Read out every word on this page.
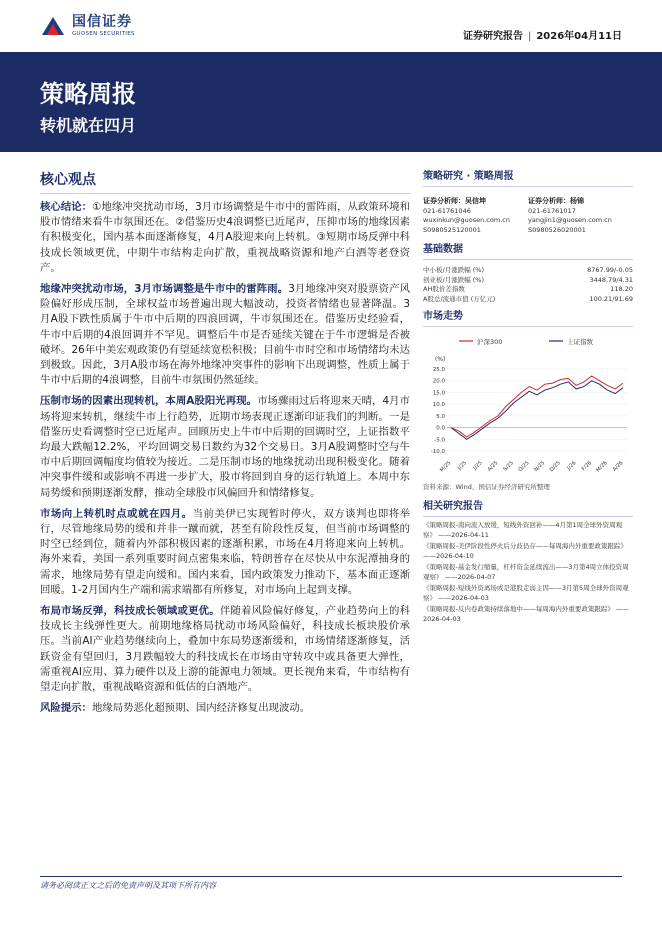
国信证券
GUOSEN SECURITIES	证券研究报告 | 2026年04月11日
策略周报
转机就在四月
核心观点

核心结论：①地缘冲突扰动市场，3月市场调整是牛市中的雷阵雨，从政策环境和股市情绪来看牛市氛围还在。②借鉴历史4浪调整已近尾声，压抑市场的地缘因素有积极变化，国内基本面逐渐修复，4月A股迎来向上转机。③短期市场反弹中科技成长领域更优，中期牛市结构走向扩散，重视战略资源和地产白酒等老登资产。

地缘冲突扰动市场，3月市场调整是牛市中的雷阵雨。3月地缘冲突对股票资产风险偏好形成压制，全球权益市场普遍出现大幅波动，投资者情绪也显著降温。3月A股下跌性质属于牛市中后期的四浪回调，牛市氛围还在。借鉴历史经验看，牛市中后期的4浪回调并不罕见。调整后牛市是否延续关键在于牛市逻辑是否被破坏。26年中美宏观政策仍有望延续宽松积极；目前牛市时空和市场情绪均未达到极致。因此，3月A股市场在海外地缘冲突事件的影响下出现调整，性质上属于牛市中后期的4浪调整，目前牛市氛围仍然延续。

压制市场的因素出现转机，本周A股阳光再现。市场骤雨过后将迎来天晴，4月市场将迎来转机，继续牛市上行趋势，近期市场表现正逐渐印证我们的判断。一是借鉴历史看调整时空已近尾声。回顾历史上牛市中后期的回调时空，上证指数平均最大跌幅12.2%，平均回调交易日数约为32个交易日。3月A股调整时空与牛市中后期回调幅度均值较为接近。二是压制市场的地缘扰动出现积极变化。随着冲突事件缓和或影响不再进一步扩大，股市将回到自身的运行轨道上。本周中东局势缓和预期逐渐发酵，推动全球股市风偏回升和情绪修复。

市场向上转机时点或就在四月。当前美伊已实现暂时停火，双方谈判也即将举行，尽管地缘局势的缓和并非一蹴而就，甚至有阶段性反复，但当前市场调整的时空已经到位，随着内外部积极因素的逐渐积累，市场在4月将迎来向上转机。海外来看，美国一系列重要时间点密集来临，特朗普存在尽快从中东泥潭抽身的需求，地缘局势有望走向缓和。国内来看，国内政策发力推动下，基本面正逐渐回暖。1-2月国内生产端和需求端都有所修复，对市场向上起到支撑。

布局市场反弹，科技成长领域或更优。伴随着风险偏好修复，产业趋势向上的科技成长主线弹性更大。前期地缘格局扰动市场风险偏好，科技成长板块股价承压。当前AI产业趋势继续向上，叠加中东局势逐渐缓和，市场情绪逐渐修复，活跃资金有望回归，3月跌幅较大的科技成长在市场由守转攻中或具备更大弹性，需重视AI应用、算力硬件以及上游的能源电力领域。更长视角来看，牛市结构有望走向扩散，重视战略资源和低估的白酒地产。

风险提示：地缘局势恶化超预期、国内经济修复出现波动。

策略研究 · 策略周报
证券分析师：吴信坤
021-61761046
wuxinkun@guosen.com.cn
S0980525120001
证券分析师：杨锦
021-61761017
yangjin1@guosen.com.cn
S0980526020001
基础数据
中小板/月涨跌幅 (%)	8767.99/-0.05
创业板/月涨跌幅 (%)	3448.79/4.31
AH股价差指数	118.20
A股总/流通市值 (万亿元)	100.21/91.69
市场走势
沪深300	上证指数
(%)
25.0
20.0
15.0
10.0
5.0
0.0
-5.0
-10.0
M/25 J/25 J/25 A/25 S/25 O/25 N/25 D/25 J/26 F/26 M/26 A/26
资料来源：Wind、国信证券经济研究所整理
相关研究报告
《策略周报-南向流入放缓，短线外资回补——4月第1周全球外资周观察》 ——2026-04-11
《策略周报-美伊阶段性停火后分歧仍存——每周海内外重要政策跟踪》 ——2026-04-10
《策略周报-基金发行缩量，杠杆资金延续流出——3月第4周立体投资周观察》 ——2026-04-07
《策略周报-短线外资离场或是港股走弱主因——3月第5周全球外资周观察》 ——2026-04-03
《策略周报-反内卷政策持续落地中——每周海内外重要政策跟踪》 ——2026-04-03
请务必阅读正文之后的免责声明及其项下所有内容
